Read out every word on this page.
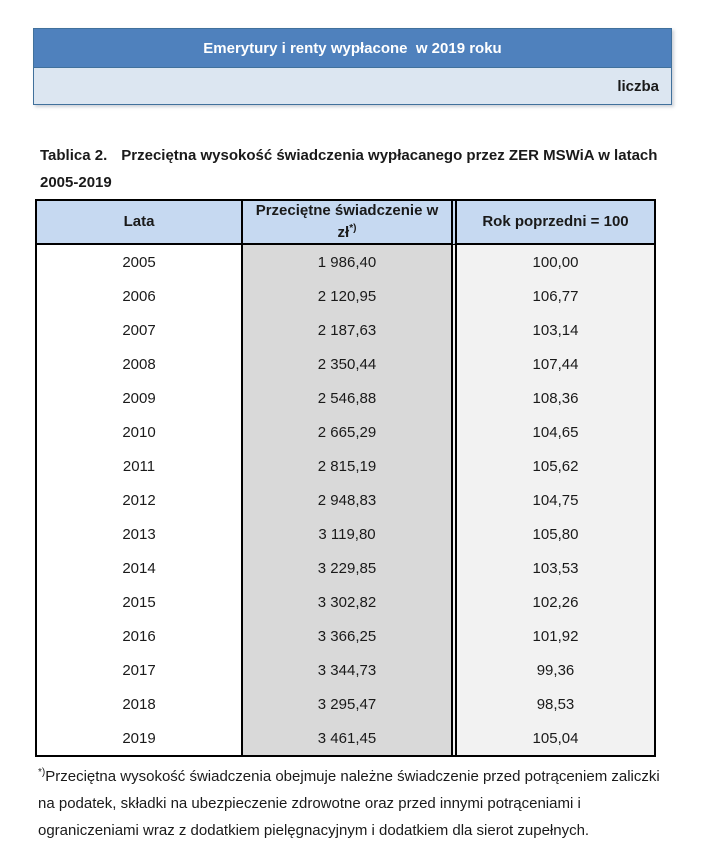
Emerytury i renty wypłacone  w 2019 roku
liczba
Tablica 2. Przeciętna wysokość świadczenia wypłacanego przez ZER MSWiA w latach 2005-2019
Lata	Przeciętne świadczenie w zł*)	Rok poprzedni = 100
2005	1 986,40	100,00
2006	2 120,95	106,77
2007	2 187,63	103,14
2008	2 350,44	107,44
2009	2 546,88	108,36
2010	2 665,29	104,65
2011	2 815,19	105,62
2012	2 948,83	104,75
2013	3 119,80	105,80
2014	3 229,85	103,53
2015	3 302,82	102,26
2016	3 366,25	101,92
2017	3 344,73	99,36
2018	3 295,47	98,53
2019	3 461,45	105,04
*)Przeciętna wysokość świadczenia obejmuje należne świadczenie przed potrąceniem zaliczki na podatek, składki na ubezpieczenie zdrowotne oraz przed innymi potrąceniami i ograniczeniami wraz z dodatkiem pielęgnacyjnym i dodatkiem dla sierot zupełnych.
